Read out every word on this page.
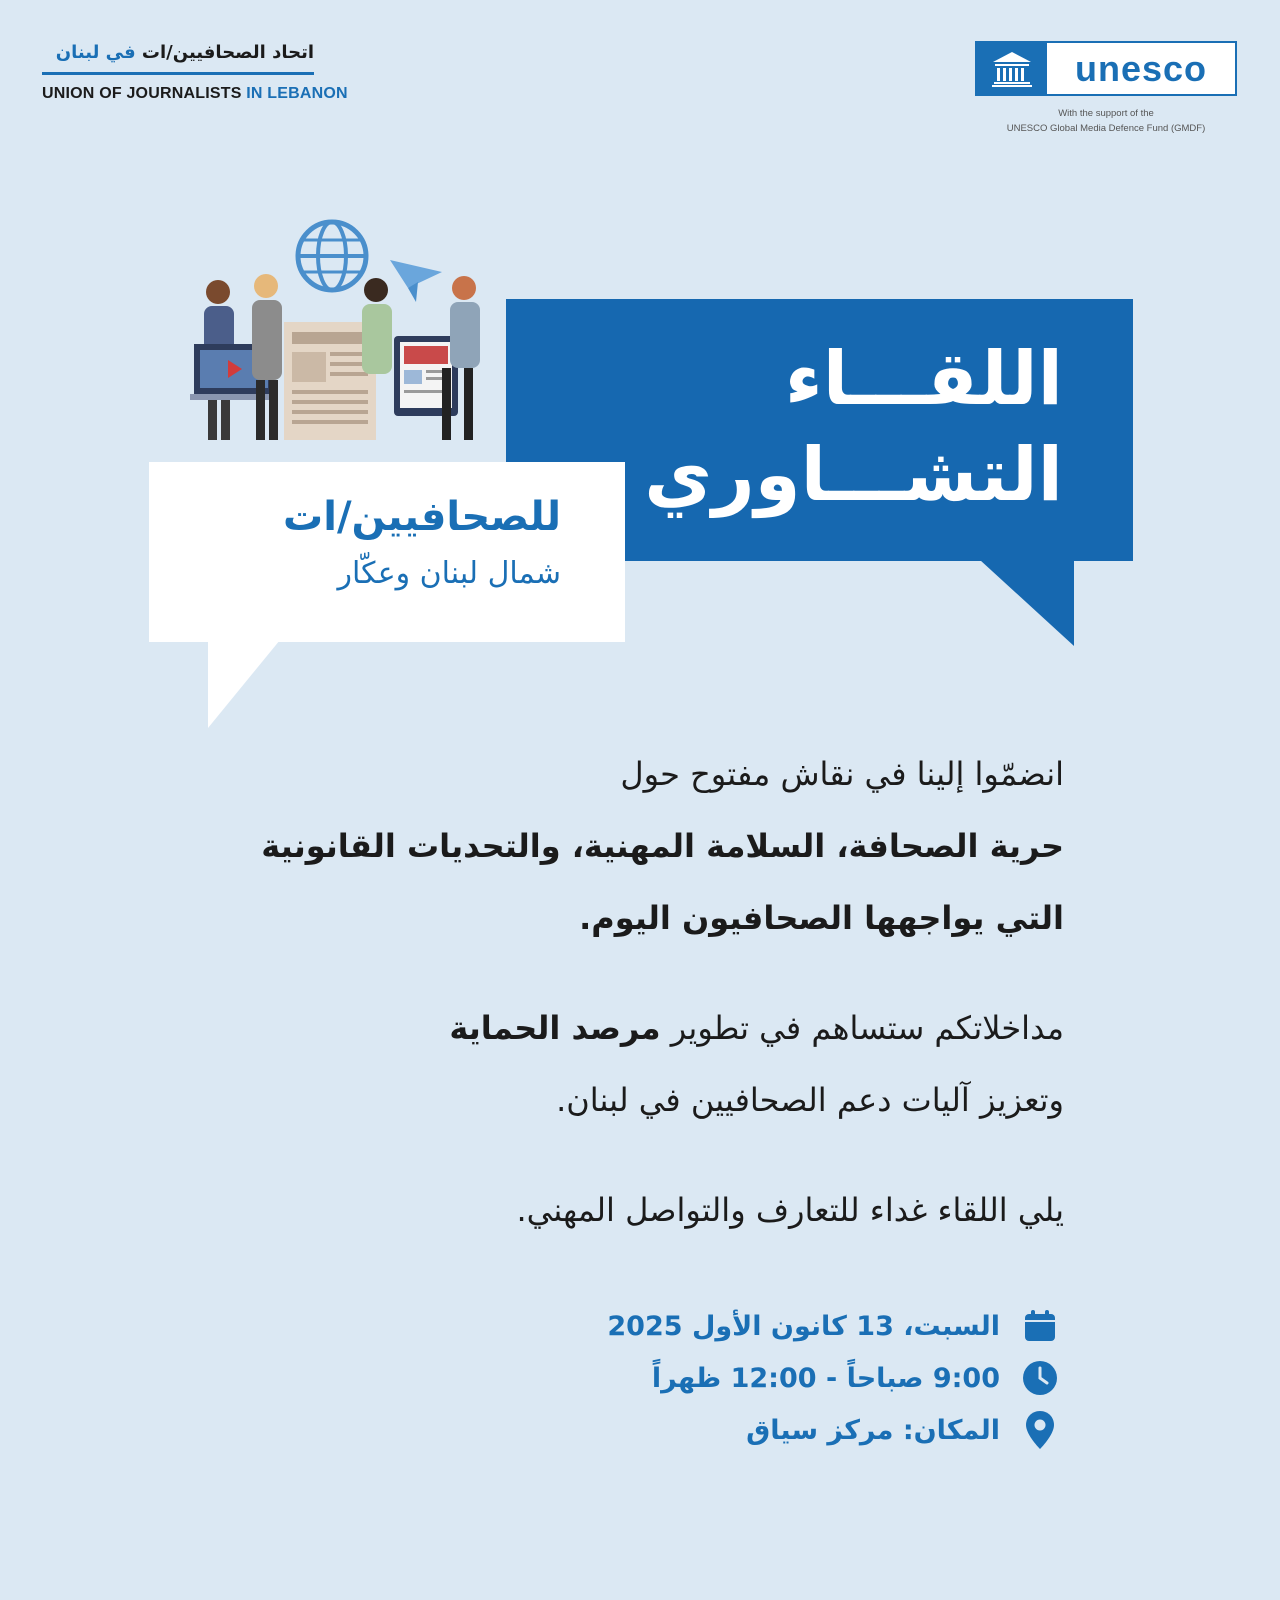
اتحاد الصحافيين/ات في لبنان
UNION OF JOURNALISTS IN LEBANON
unesco
With the support of the
UNESCO Global Media Defence Fund (GMDF)
اللقـــاء
التشـــاوري
للصحافيين/ات
شمال لبنان وعكّار

انضمّوا إلينا في نقاش مفتوح حول

حرية الصحافة، السلامة المهنية، والتحديات القانونية

التي يواجهها الصحافيون اليوم.

مداخلاتكم ستساهم في تطوير مرصد الحماية

وتعزيز آليات دعم الصحافيين في لبنان.

يلي اللقاء غداء للتعارف والتواصل المهني.

السبت، 13 كانون الأول 2025
9:00 صباحاً - 12:00 ظهراً
المكان: مركز سياق
